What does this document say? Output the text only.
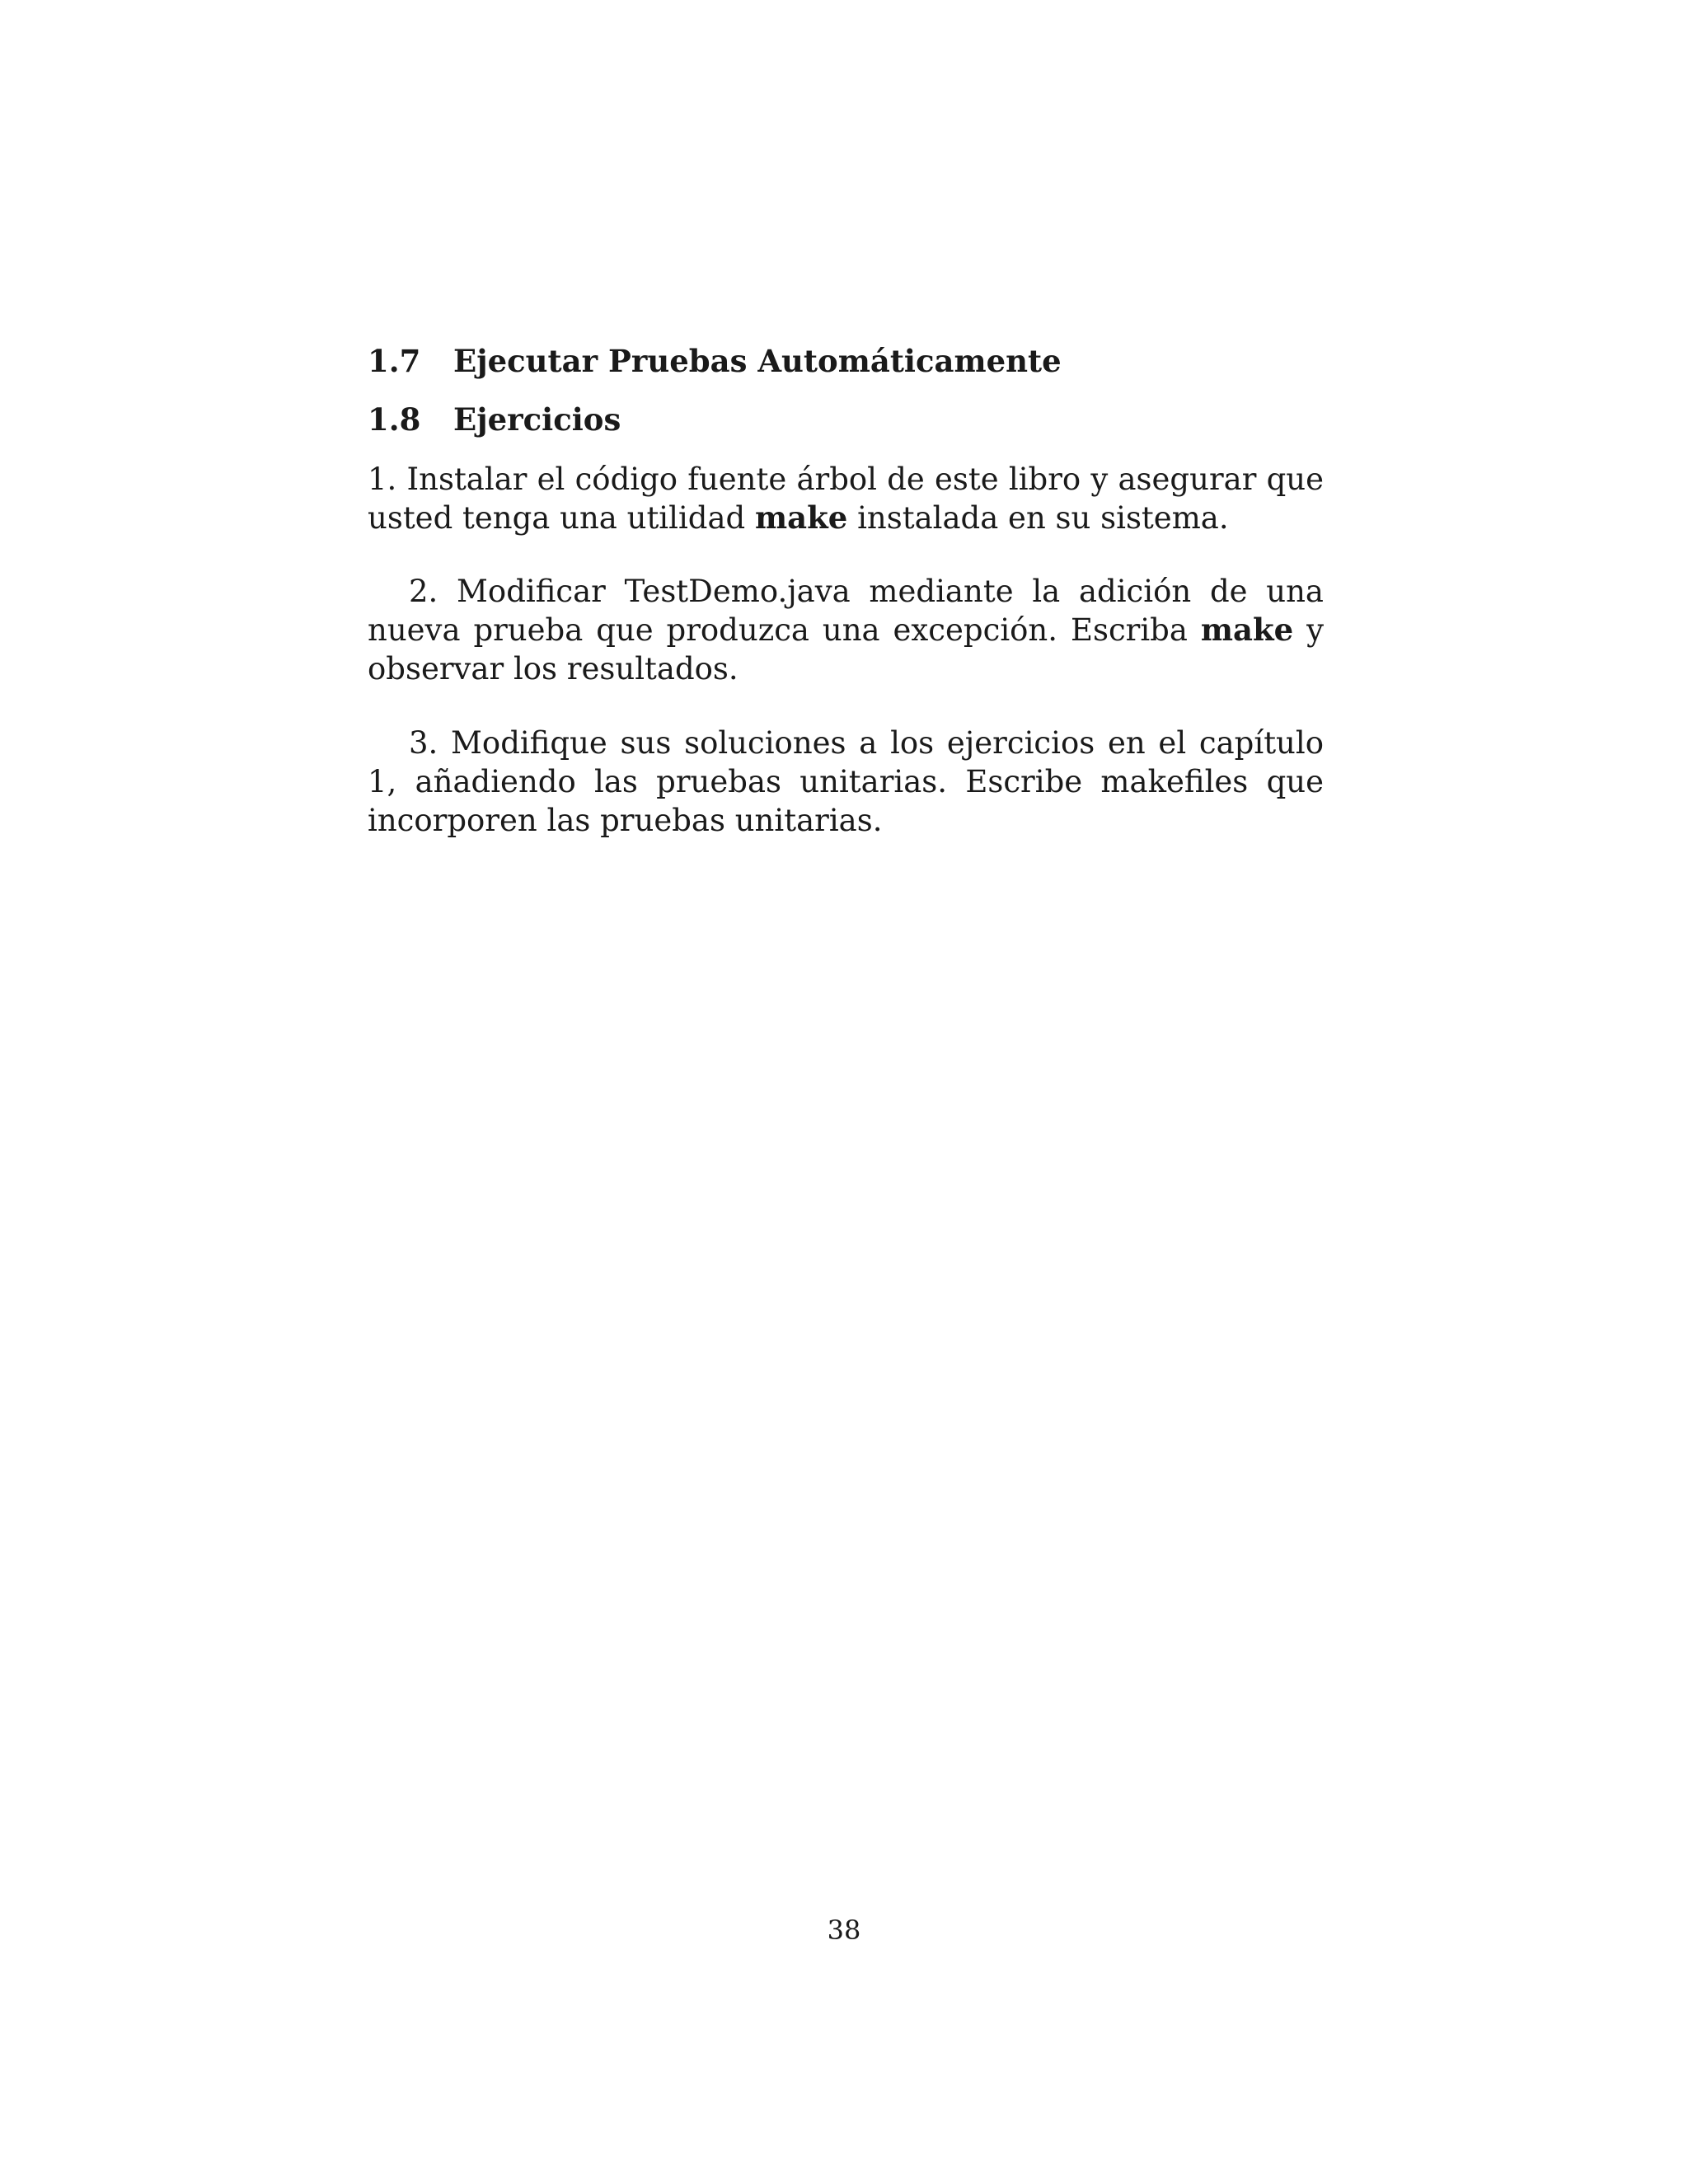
1.7 Ejecutar Pruebas Automáticamente
1.8 Ejercicios

1. Instalar el código fuente árbol de este libro y asegurar que usted tenga una utilidad make instalada en su sistema.

2. Modificar TestDemo.java mediante la adición de una nueva prueba que produzca una excepción. Escriba make y observar los resultados.

3. Modifique sus soluciones a los ejercicios en el capítulo 1, añadiendo las pruebas unitarias. Escribe makefiles que incorporen las pruebas unitarias.

38
